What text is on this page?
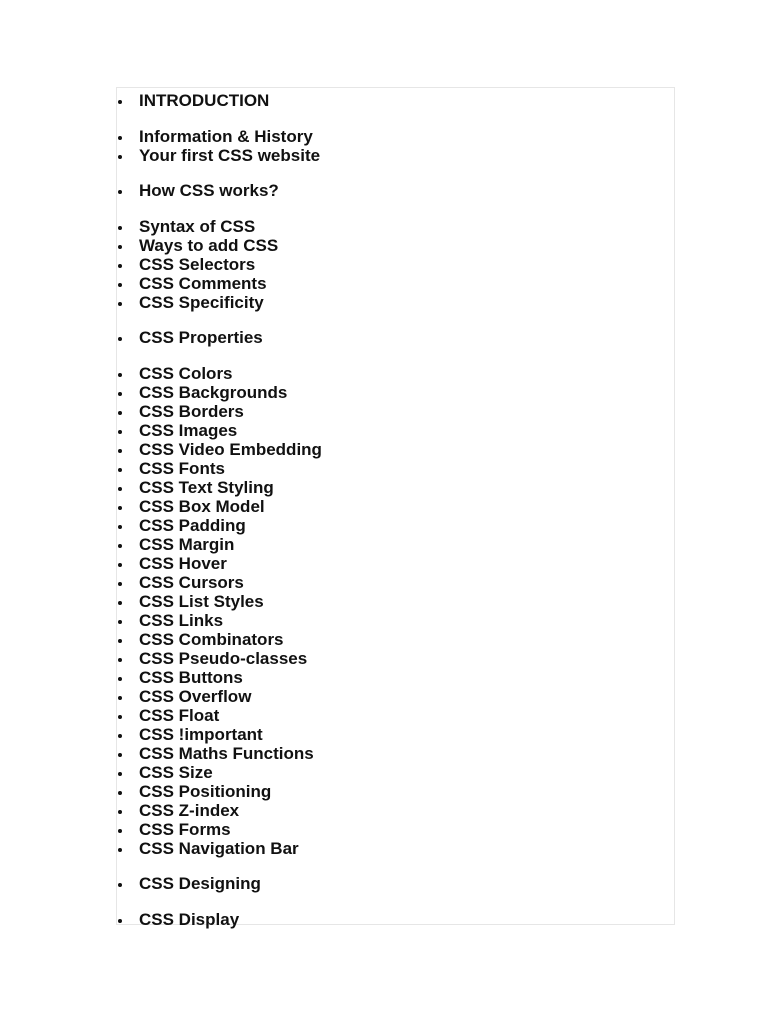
INTRODUCTION
Information & History
Your first CSS website
How CSS works?
Syntax of CSS
Ways to add CSS
CSS Selectors
CSS Comments
CSS Specificity
CSS Properties
CSS Colors
CSS Backgrounds
CSS Borders
CSS Images
CSS Video Embedding
CSS Fonts
CSS Text Styling
CSS Box Model
CSS Padding
CSS Margin
CSS Hover
CSS Cursors
CSS List Styles
CSS Links
CSS Combinators
CSS Pseudo-classes
CSS Buttons
CSS Overflow
CSS Float
CSS !important
CSS Maths Functions
CSS Size
CSS Positioning
CSS Z-index
CSS Forms
CSS Navigation Bar
CSS Designing
CSS Display
